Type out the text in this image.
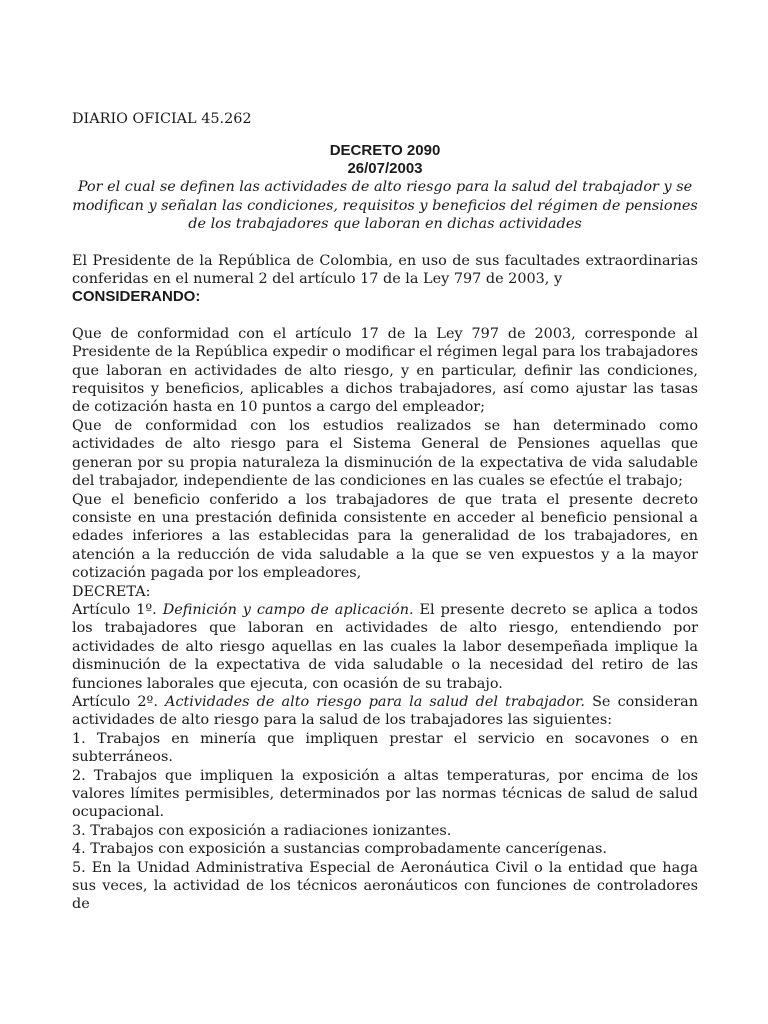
DIARIO OFICIAL 45.262
DECRETO 2090
26/07/2003
Por el cual se definen las actividades de alto riesgo para la salud del trabajador y se modifican y señalan las condiciones, requisitos y beneficios del régimen de pensiones de los trabajadores que laboran en dichas actividades

El Presidente de la República de Colombia, en uso de sus facultades extraordinarias conferidas en el numeral 2 del artículo 17 de la Ley 797 de 2003, y

CONSIDERANDO:

Que de conformidad con el artículo 17 de la Ley 797 de 2003, corresponde al Presidente de la República expedir o modificar el régimen legal para los trabajadores que laboran en actividades de alto riesgo, y en particular, definir las condiciones, requisitos y beneficios, aplicables a dichos trabajadores, así como ajustar las tasas de cotización hasta en 10 puntos a cargo del empleador;

Que de conformidad con los estudios realizados se han determinado como actividades de alto riesgo para el Sistema General de Pensiones aquellas que generan por su propia naturaleza la disminución de la expectativa de vida saludable del trabajador, independiente de las condiciones en las cuales se efectúe el trabajo;

Que el beneficio conferido a los trabajadores de que trata el presente decreto consiste en una prestación definida consistente en acceder al beneficio pensional a edades inferiores a las establecidas para la generalidad de los trabajadores, en atención a la reducción de vida saludable a la que se ven expuestos y a la mayor cotización pagada por los empleadores,

DECRETA:

Artículo 1º. Definición y campo de aplicación. El presente decreto se aplica a todos los trabajadores que laboran en actividades de alto riesgo, entendiendo por actividades de alto riesgo aquellas en las cuales la labor desempeñada implique la disminución de la expectativa de vida saludable o la necesidad del retiro de las funciones laborales que ejecuta, con ocasión de su trabajo.

Artículo 2º. Actividades de alto riesgo para la salud del trabajador. Se consideran actividades de alto riesgo para la salud de los trabajadores las siguientes:

1. Trabajos en minería que impliquen prestar el servicio en socavones o en subterráneos.

2. Trabajos que impliquen la exposición a altas temperaturas, por encima de los valores límites permisibles, determinados por las normas técnicas de salud de salud ocupacional.

3. Trabajos con exposición a radiaciones ionizantes.

4. Trabajos con exposición a sustancias comprobadamente cancerígenas.

5. En la Unidad Administrativa Especial de Aeronáutica Civil o la entidad que haga sus veces, la actividad de los técnicos aeronáuticos con funciones de controladores de
